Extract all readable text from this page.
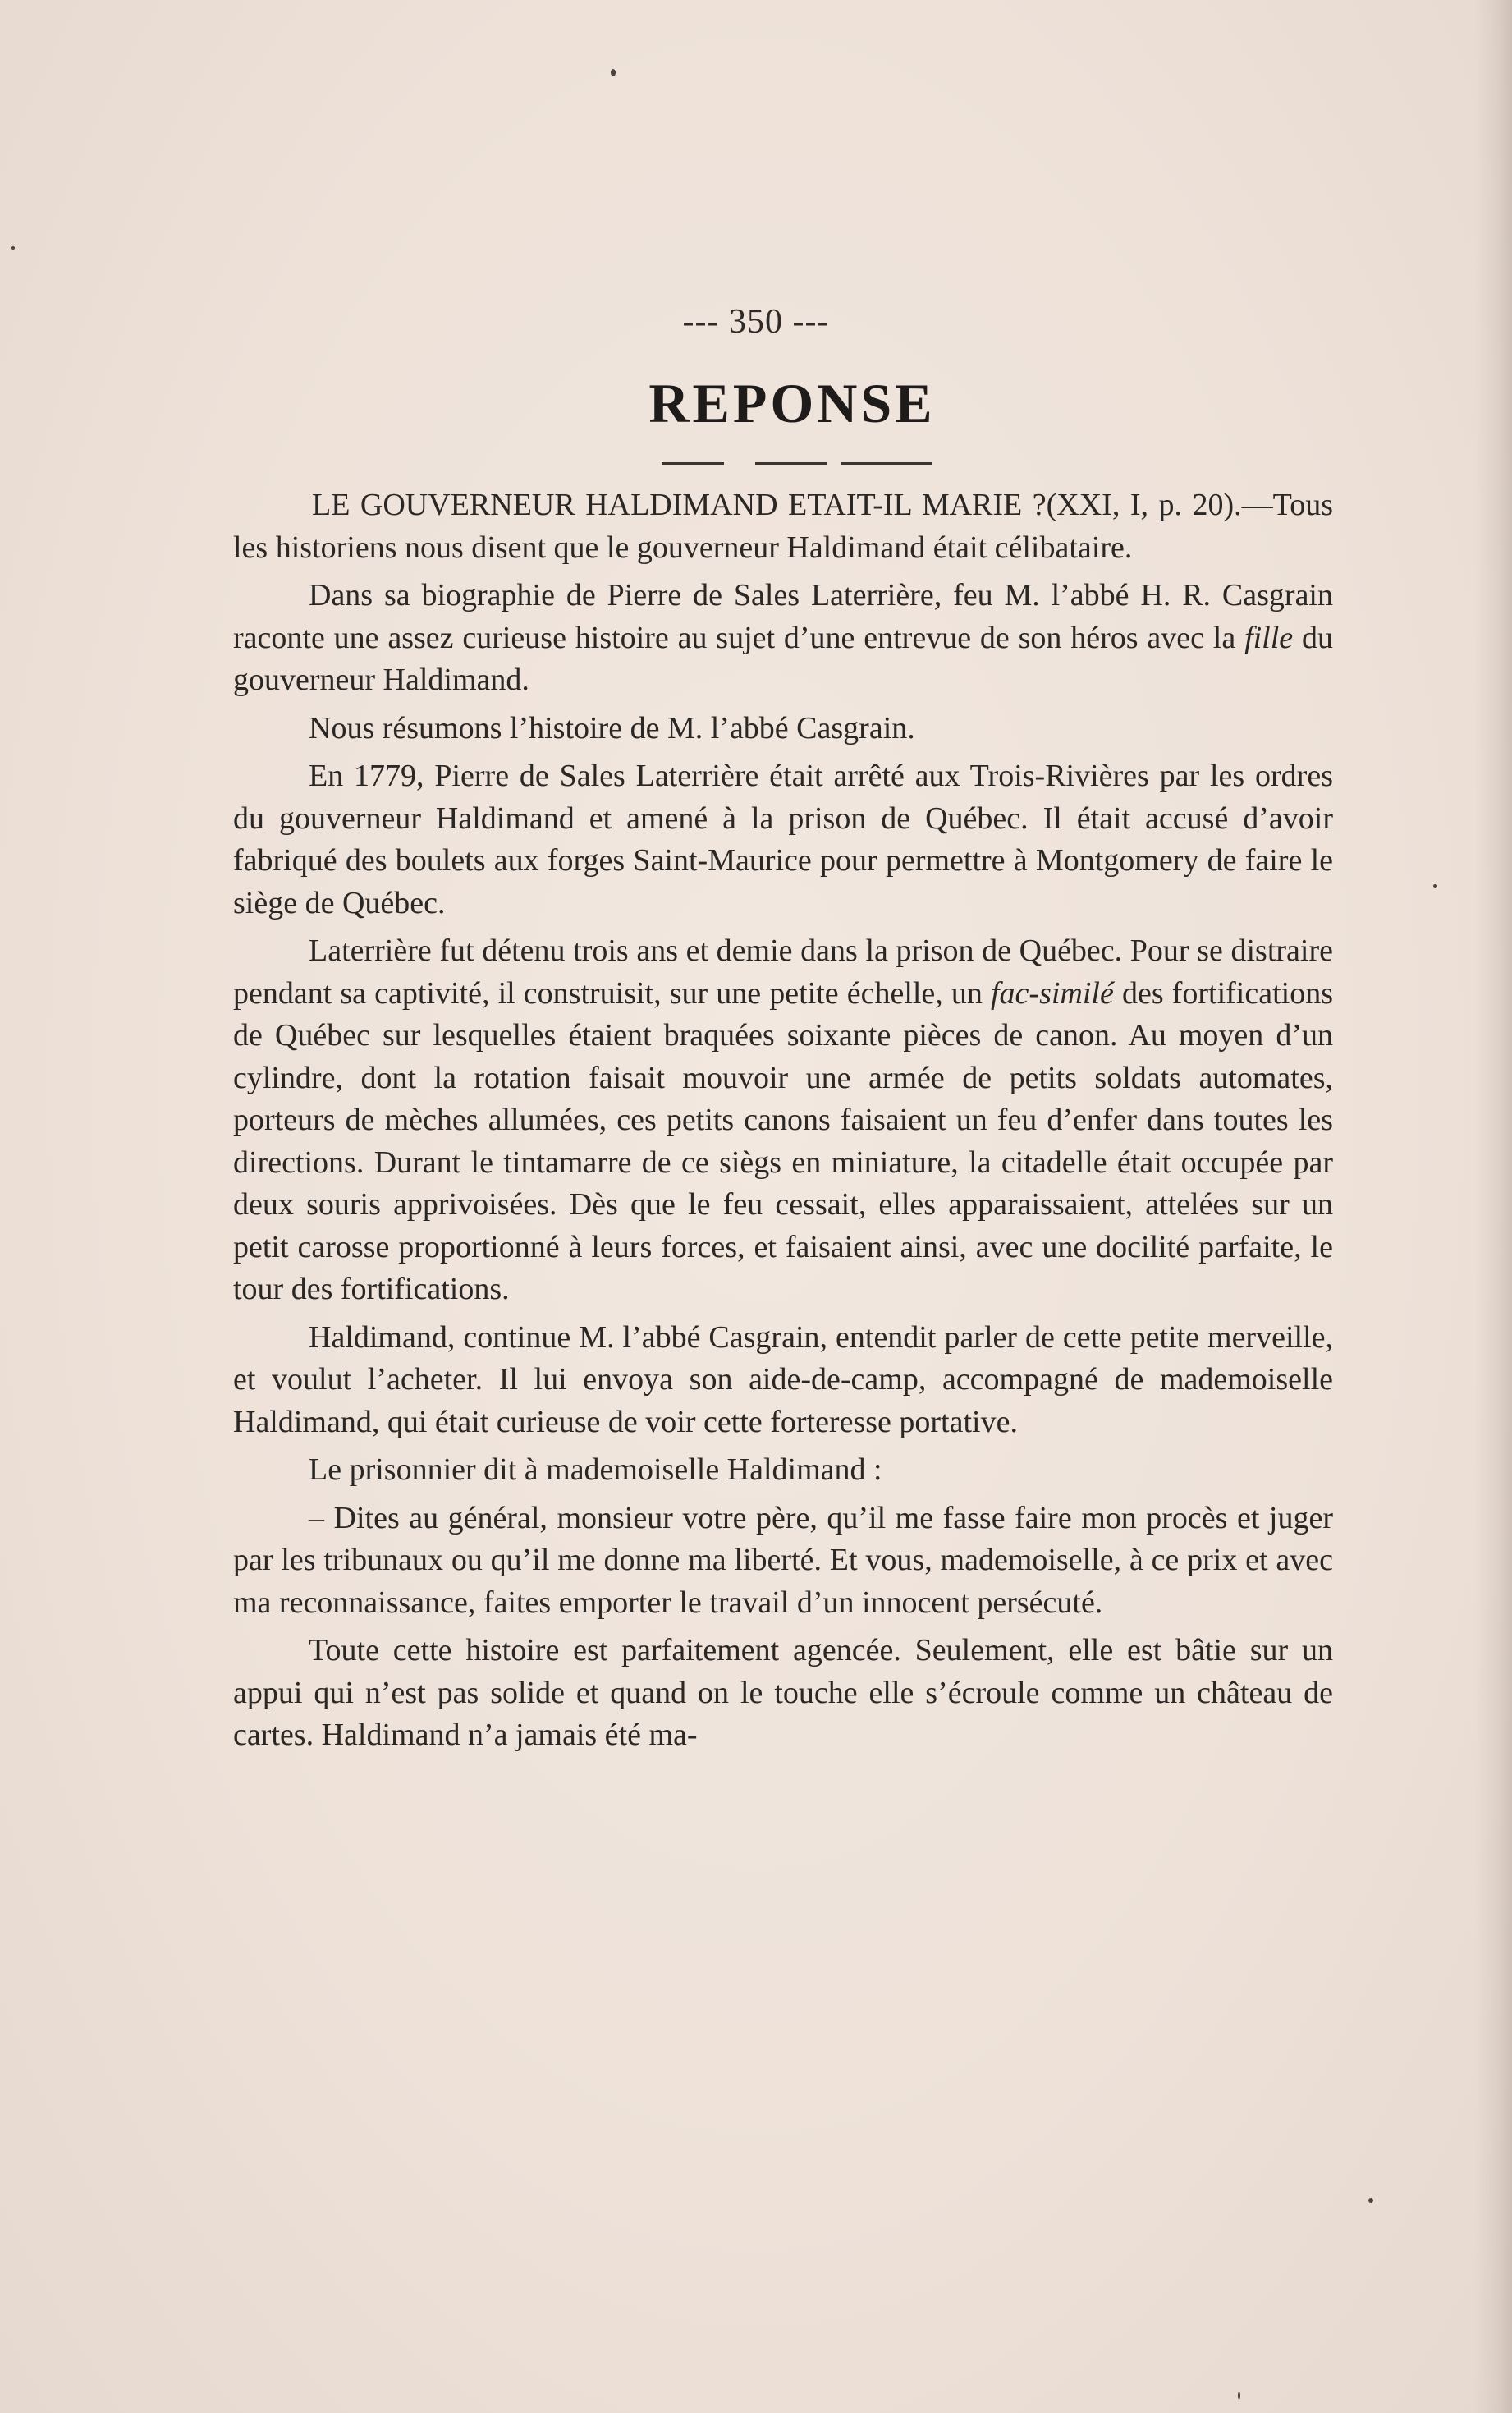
--- 350 ---
REPONSE

LE GOUVERNEUR HALDIMAND ETAIT-IL MARIE ?(XXI, I, p. 20).—Tous les historiens nous disent que le gouverneur Haldimand était célibataire.

Dans sa biographie de Pierre de Sales Laterrière, feu M. l’abbé H. R. Casgrain raconte une assez curieuse histoire au sujet d’une entrevue de son héros avec la fille du gouverneur Haldimand.

Nous résumons l’histoire de M. l’abbé Casgrain.

En 1779, Pierre de Sales Laterrière était arrêté aux Trois-Rivières par les ordres du gouverneur Haldimand et amené à la prison de Québec. Il était accusé d’avoir fabriqué des boulets aux forges Saint-Maurice pour permettre à Montgomery de faire le siège de Québec.

Laterrière fut détenu trois ans et demie dans la prison de Québec. Pour se distraire pendant sa captivité, il construisit, sur une petite échelle, un fac-similé des fortifications de Québec sur lesquelles étaient braquées soixante pièces de canon. Au moyen d’un cylindre, dont la rotation faisait mouvoir une armée de petits soldats automates, porteurs de mèches allumées, ces petits canons faisaient un feu d’enfer dans toutes les directions. Durant le tintamarre de ce siègs en miniature, la citadelle était occupée par deux souris apprivoisées. Dès que le feu cessait, elles apparaissaient, attelées sur un petit carosse proportionné à leurs forces, et faisaient ainsi, avec une docilité parfaite, le tour des fortifications.

Haldimand, continue M. l’abbé Casgrain, entendit parler de cette petite merveille, et voulut l’acheter. Il lui envoya son aide-de-camp, accompagné de mademoiselle Haldimand, qui était curieuse de voir cette forteresse portative.

Le prisonnier dit à mademoiselle Haldimand :

– Dites au général, monsieur votre père, qu’il me fasse faire mon procès et juger par les tribunaux ou qu’il me donne ma liberté. Et vous, mademoiselle, à ce prix et avec ma reconnaissance, faites emporter le travail d’un innocent persécuté.

Toute cette histoire est parfaitement agencée. Seulement, elle est bâtie sur un appui qui n’est pas solide et quand on le touche elle s’écroule comme un château de cartes. Haldimand n’a jamais été ma-
